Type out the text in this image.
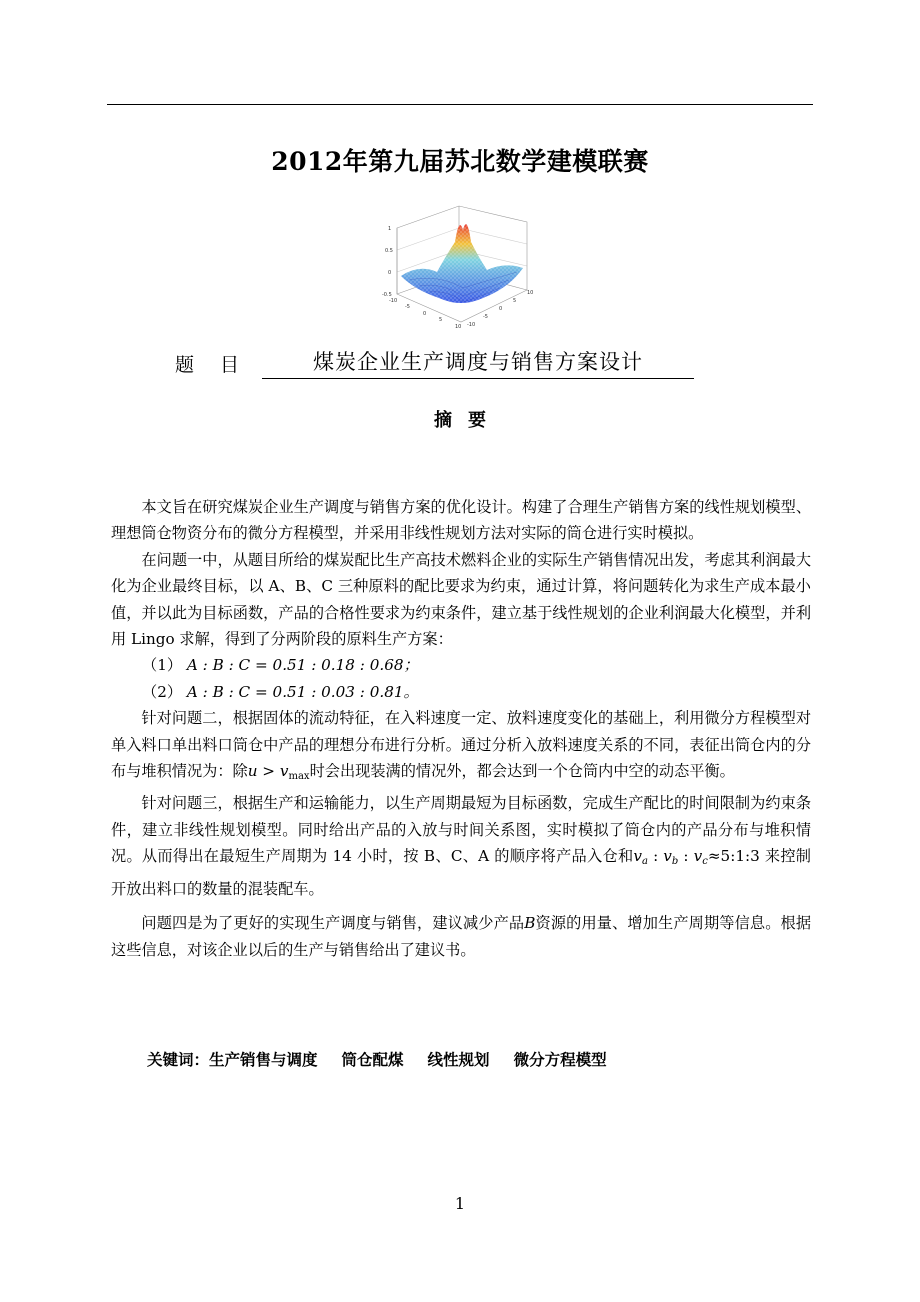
2012年第九届苏北数学建模联赛
1
0.5
0
-0.5
-10
-5
0
5
10 -10
-5
0
5
10
题 目	煤炭企业生产调度与销售方案设计
摘要

本文旨在研究煤炭企业生产调度与销售方案的优化设计。构建了合理生产销售方案的线性规划模型、理想筒仓物资分布的微分方程模型，并采用非线性规划方法对实际的筒仓进行实时模拟。

在问题一中，从题目所给的煤炭配比生产高技术燃料企业的实际生产销售情况出发，考虑其利润最大化为企业最终目标，以 A、B、C 三种原料的配比要求为约束，通过计算，将问题转化为求生产成本最小值，并以此为目标函数，产品的合格性要求为约束条件，建立基于线性规划的企业利润最大化模型，并利用 Lingo 求解，得到了分两阶段的原料生产方案：

（1） A : B : C = 0.51 : 0.18 : 0.68；
（2） A : B : C = 0.51 : 0.03 : 0.81。

针对问题二，根据固体的流动特征，在入料速度一定、放料速度变化的基础上，利用微分方程模型对单入料口单出料口筒仓中产品的理想分布进行分析。通过分析入放料速度关系的不同，表征出筒仓内的分布与堆积情况为：除$u > v_{max}$时会出现装满的情况外，都会达到一个仓筒内中空的动态平衡。

针对问题三，根据生产和运输能力，以生产周期最短为目标函数，完成生产配比的时间限制为约束条件，建立非线性规划模型。同时给出产品的入放与时间关系图，实时模拟了筒仓内的产品分布与堆积情况。从而得出在最短生产周期为 14 小时，按 B、C、A 的顺序将产品入仓和$v_a$ : $v_b$ : $v_c\approx 5:1:3$ 来控制开放出料口的数量的混装配车。

问题四是为了更好的实现生产调度与销售，建议减少产品B资源的用量、增加生产周期等信息。根据这些信息，对该企业以后的生产与销售给出了建议书。

关键词：生产销售与调度 筒仓配煤 线性规划 微分方程模型
1
